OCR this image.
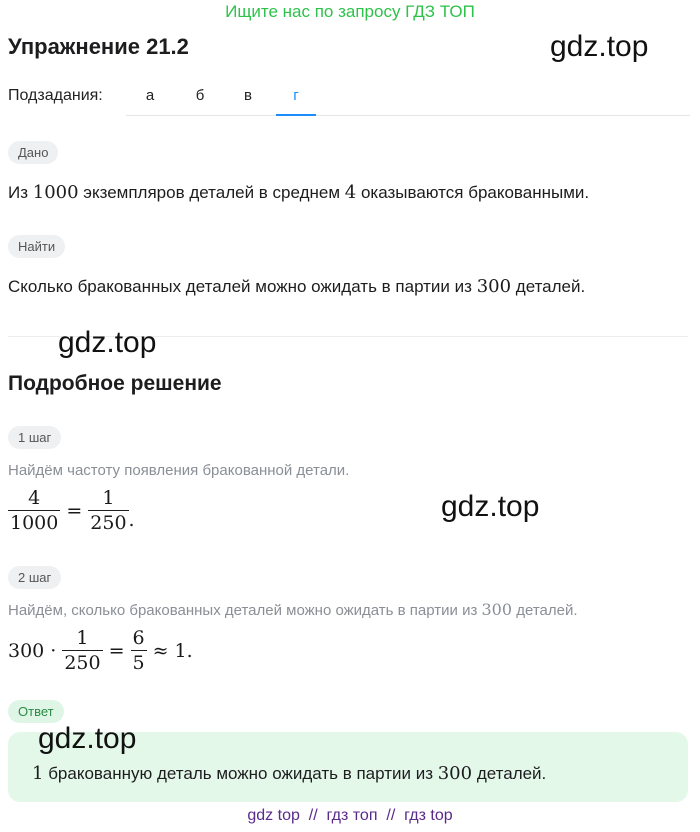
Ищите нас по запросу ГДЗ ТОП
Упражнение 21.2	gdz.top
Подзадания:	а	б	в	г
Дано
Из 1000 экземпляров деталей в среднем 4 оказываются бракованными.
Найти
Сколько бракованных деталей можно ожидать в партии из 300 деталей.
gdz.top
Подробное решение
1 шаг
Найдём частоту появления бракованной детали.
$\frac{4}{1000} = \frac{1}{250}$ .	gdz.top
2 шаг
Найдём, сколько бракованных деталей можно ожидать в партии из 300 деталей.
$300 \cdot \frac{1}{250} = \frac{6}{5} \approx 1$.
Ответ
1 бракованную деталь можно ожидать в партии из 300 деталей.
gdz.top
gdz top  //  гдз топ  //  гдз top
